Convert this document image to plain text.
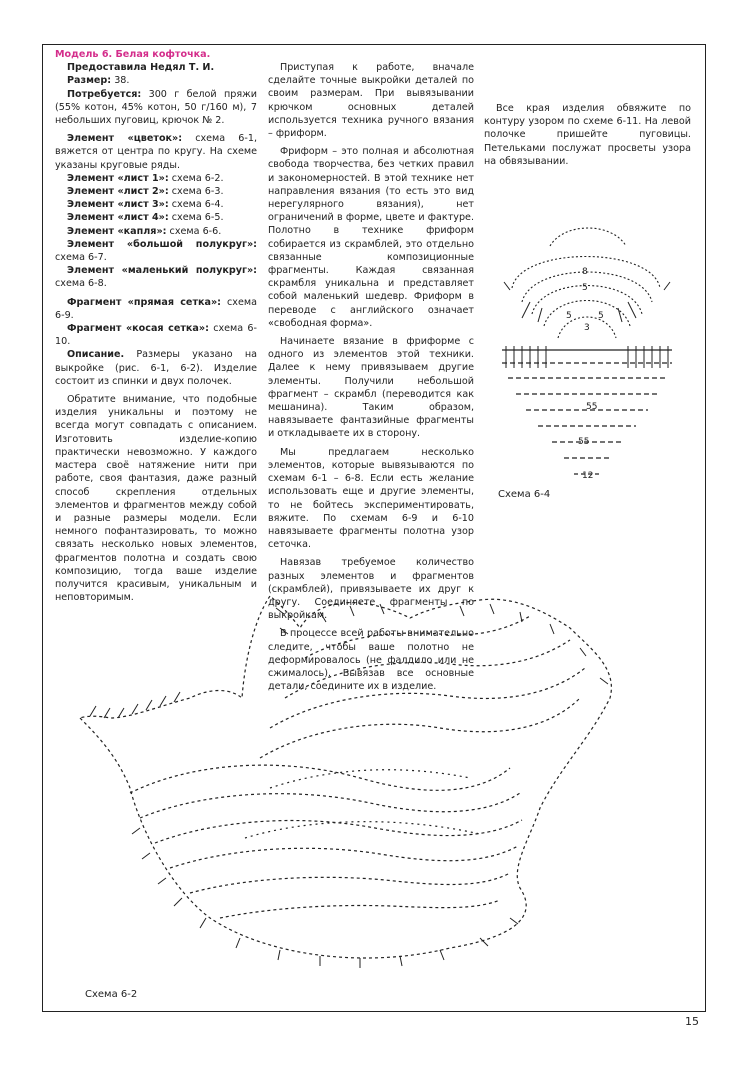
Модель 6. Белая кофточка.

Предоставила Недял Т. И.

Размер: 38.

Потребуется: 300 г белой пряжи (55% котон, 45% котон, 50 г/160 м), 7 небольших пуговиц, крючок № 2.

Элемент «цветок»: схема 6-1, вяжется от центра по кругу. На схеме указаны круговые ряды.

Элемент «лист 1»: схема 6-2.

Элемент «лист 2»: схема 6-3.

Элемент «лист 3»: схема 6-4.

Элемент «лист 4»: схема 6-5.

Элемент «капля»: схема 6-6.

Элемент «большой полукруг»: схема 6-7.

Элемент «маленький полукруг»: схема 6-8.

Фрагмент «прямая сетка»: схема 6-9.

Фрагмент «косая сетка»: схема 6-10.

Описание. Размеры указано на выкройке (рис. 6-1, 6-2). Изделие состоит из спинки и двух полочек.

Обратите внимание, что подобные изделия уникальны и поэтому не всегда могут совпадать с описанием. Изготовить изделие-копию практически невозможно. У каждого мастера своё натяжение нити при работе, своя фантазия, даже разный способ скрепления отдельных элементов и фрагментов между собой и разные размеры модели. Если немного пофантазировать, то можно связать несколько новых элементов, фрагментов полотна и создать свою композицию, тогда ваше изделие получится красивым, уникальным и неповторимым.

Приступая к работе, вначале сделайте точные выкройки деталей по своим размерам. При вывязывании крючком основных деталей используется техника ручного вязания – фриформ.

Фриформ – это полная и абсолютная свобода творчества, без четких правил и закономерностей. В этой технике нет направления вязания (то есть это вид нерегулярного вязания), нет ограничений в форме, цвете и фактуре. Полотно в технике фриформ собирается из скрамблей, это отдельно связанные композиционные фрагменты. Каждая связанная скрамбля уникальна и представляет собой маленький шедевр. Фриформ в переводе с английского означает «свободная форма».

Начинаете вязание в фриформе с одного из элементов этой техники. Далее к нему привязываем другие элементы. Получили небольшой фрагмент – скрамбл (переводится как мешанина). Таким образом, навязываете фантазийные фрагменты и откладываете их в сторону.

Мы предлагаем несколько элементов, которые вывязываются по схемам 6-1 – 6-8. Если есть желание использовать еще и другие элементы, то не бойтесь экспериментировать, вяжите. По схемам 6-9 и 6-10 навязываете фрагменты полотна узор сеточка.

Навязав требуемое количество разных элементов и фрагментов (скрамблей), привязываете их друг к другу. Соединяете фрагменты по выкройкам.

В процессе всей работы внимательно следите, чтобы ваше полотно не деформировалось (не фалдило или не сжималось). Вывязав все основные детали, соедините их в изделие.

Все края изделия обвяжите по контуру узором по схеме 6-11. На левой полочке пришейте пуговицы. Петельками послужат просветы узора на обвязывании.

8
5
5	5
3
55
55
12
Схема 6-4
Схема 6-2
15
